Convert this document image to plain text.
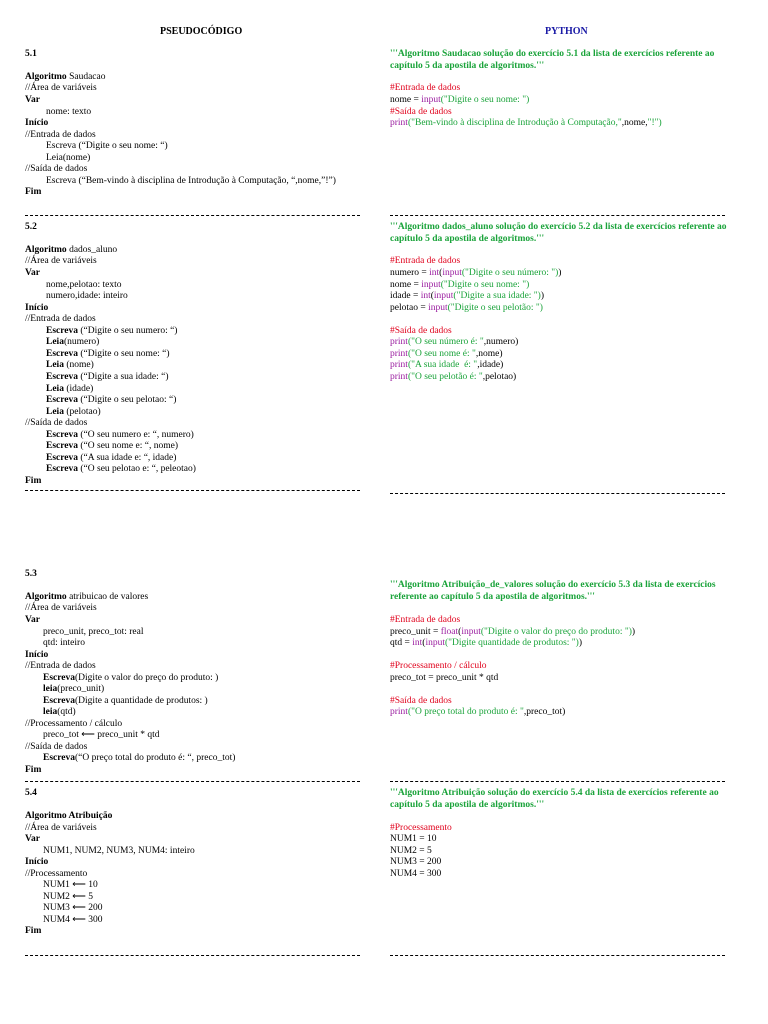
PSEUDOCÓDIGO	PYTHON
5.1
Algoritmo Saudacao
//Área de variáveis
Var
nome: texto
Início
//Entrada de dados
Escreva (“Digite o seu nome: “)
Leia(nome)
//Saída de dados
Escreva (“Bem-vindo à disciplina de Introdução à Computação, “,nome,”!”)
Fim
5.2
Algoritmo dados_aluno
//Área de variáveis
Var
nome,pelotao: texto
numero,idade: inteiro
Início
//Entrada de dados
Escreva (“Digite o seu numero: “)
Leia(numero)
Escreva (“Digite o seu nome: “)
Leia (nome)
Escreva (“Digite a sua idade: “)
Leia (idade)
Escreva (“Digite o seu pelotao: “)
Leia (pelotao)
//Saída de dados
Escreva (“O seu numero e: “, numero)
Escreva (“O seu nome e: “, nome)
Escreva (“A sua idade e: “, idade)
Escreva (“O seu pelotao e: “, peleotao)
Fim
5.3
Algoritmo atribuicao de valores
//Área de variáveis
Var
preco_unit, preco_tot: real
qtd: inteiro
Início
//Entrada de dados
Escreva(Digite o valor do preço do produto: )
leia(preco_unit)
Escreva(Digite a quantidade de produtos: )
leia(qtd)
//Processamento / cálculo
preco_tot ⟵ preco_unit * qtd
//Saída de dados
Escreva(“O preço total do produto é: “, preco_tot)
Fim
5.4
Algoritmo Atribuição
//Área de variáveis
Var
NUM1, NUM2, NUM3, NUM4: inteiro
Início
//Processamento
NUM1 ⟵ 10
NUM2 ⟵ 5
NUM3 ⟵ 200
NUM4 ⟵ 300
Fim
'''Algoritmo Saudacao solução do exercício 5.1 da lista de exercícios referente ao capítulo 5 da apostila de algoritmos.'''
#Entrada de dados
nome = input("Digite o seu nome: ")
#Saída de dados
print("Bem-vindo à disciplina de Introdução à Computação,",nome,"!")
'''Algoritmo dados_aluno solução do exercício 5.2 da lista de exercícios referente ao capítulo 5 da apostila de algoritmos.'''
#Entrada de dados
numero = int(input("Digite o seu número: "))
nome = input("Digite o seu nome: ")
idade = int(input("Digite a sua idade: "))
pelotao = input("Digite o seu pelotão: ")
#Saída de dados
print("O seu número é: ",numero)
print("O seu nome é: ",nome)
print("A sua idade  é: ",idade)
print("O seu pelotão é: ",pelotao)
'''Algoritmo Atribuição_de_valores solução do exercício 5.3 da lista de exercícios referente ao capítulo 5 da apostila de algoritmos.'''
#Entrada de dados
preco_unit = float(input("Digite o valor do preço do produto: "))
qtd = int(input("Digite quantidade de produtos: "))
#Processamento / cálculo
preco_tot = preco_unit * qtd
#Saída de dados
print("O preço total do produto é: ",preco_tot)
'''Algoritmo Atribuição solução do exercício 5.4 da lista de exercícios referente ao capítulo 5 da apostila de algoritmos.'''
#Processamento
NUM1 = 10
NUM2 = 5
NUM3 = 200
NUM4 = 300
